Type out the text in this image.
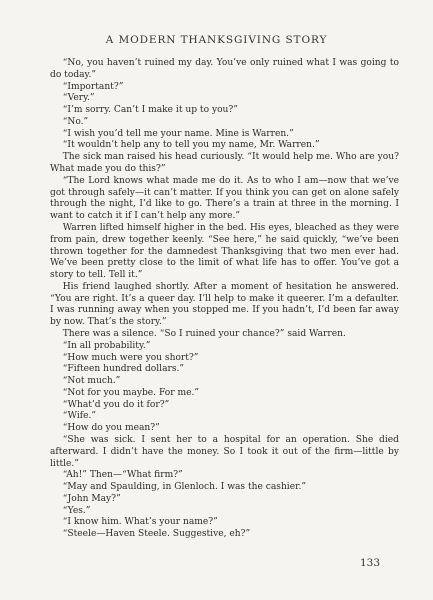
A MODERN THANKSGIVING STORY

“No, you haven’t ruined my day. You’ve only ruined what I was going to do today.”

“Important?”

“Very.”

“I’m sorry. Can’t I make it up to you?”

“No.”

“I wish you’d tell me your name. Mine is Warren.”

“It wouldn’t help any to tell you my name, Mr. Warren.”

The sick man raised his head curiously. “It would help me. Who are you? What made you do this?”

“The Lord knows what made me do it. As to who I am—now that we’ve got through safely—it can’t matter. If you think you can get on alone safely through the night, I’d like to go. There’s a train at three in the morning. I want to catch it if I can’t help any more.”

Warren lifted himself higher in the bed. His eyes, bleached as they were from pain, drew together keenly. “See here,” he said quickly, “we’ve been thrown together for the damnedest Thanksgiving that two men ever had. We’ve been pretty close to the limit of what life has to offer. You’ve got a story to tell. Tell it.”

His friend laughed shortly. After a moment of hesitation he answered. “You are right. It’s a queer day. I’ll help to make it queerer. I’m a defaulter. I was running away when you stopped me. If you hadn’t, I’d been far away by now. That’s the story.”

There was a silence. “So I ruined your chance?” said Warren.

“In all probability.”

“How much were you short?”

“Fifteen hundred dollars.”

“Not much.”

“Not for you maybe. For me.”

“What’d you do it for?”

“Wife.”

“How do you mean?”

“She was sick. I sent her to a hospital for an operation. She died afterward. I didn’t have the money. So I took it out of the firm—little by little.”

“Ah!” Then—“What firm?”

“May and Spaulding, in Glenloch. I was the cashier.”

“John May?”

“Yes.”

“I know him. What’s your name?”

“Steele—Haven Steele. Suggestive, eh?”

133
